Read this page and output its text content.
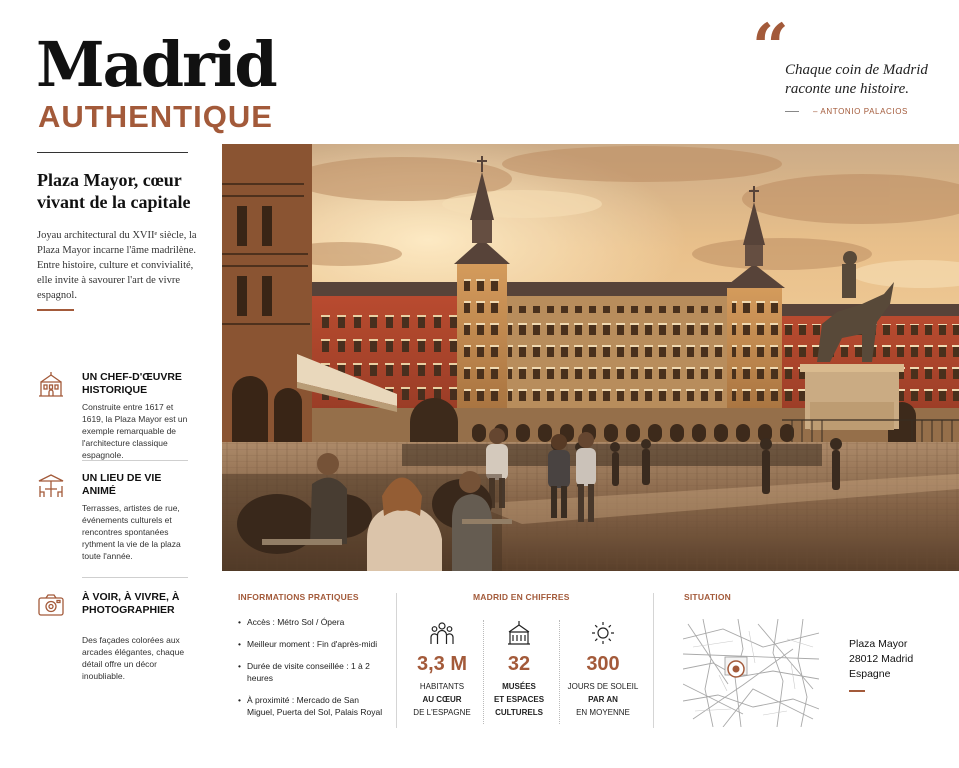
Madrid
AUTHENTIQUE
“
Chaque coin de Madrid raconte une histoire.
– ANTONIO PALACIOS
Plaza Mayor, cœur vivant de la capitale
Joyau architectural du XVIIᵉ siècle, la Plaza Mayor incarne l'âme madrilène. Entre histoire, culture et convivialité, elle invite à savourer l'art de vivre espagnol.
UN CHEF-D'ŒUVRE HISTORIQUE
Construite entre 1617 et 1619, la Plaza Mayor est un exemple remarquable de l'architecture classique espagnole.
UN LIEU DE VIE ANIMÉ
Terrasses, artistes de rue, événements culturels et rencontres spontanées rythment la vie de la plaza toute l'année.
À VOIR, À VIVRE, À PHOTOGRAPHIER
Des façades colorées aux arcades élégantes, chaque détail offre un décor inoubliable.
INFORMATIONS PRATIQUES
• Accès : Métro Sol / Ópera
• Meilleur moment : Fin d'après-midi
• Durée de visite conseillée : 1 à 2 heures
• À proximité : Mercado de San Miguel, Puerta del Sol, Palais Royal
MADRID EN CHIFFRES
3,3 M
HABITANTS
AU CŒUR
DE L'ESPAGNE
32
MUSÉES
ET ESPACES
CULTURELS
300
JOURS DE SOLEIL
PAR AN
EN MOYENNE
SITUATION
Plaza Mayor
28012 Madrid
Espagne
